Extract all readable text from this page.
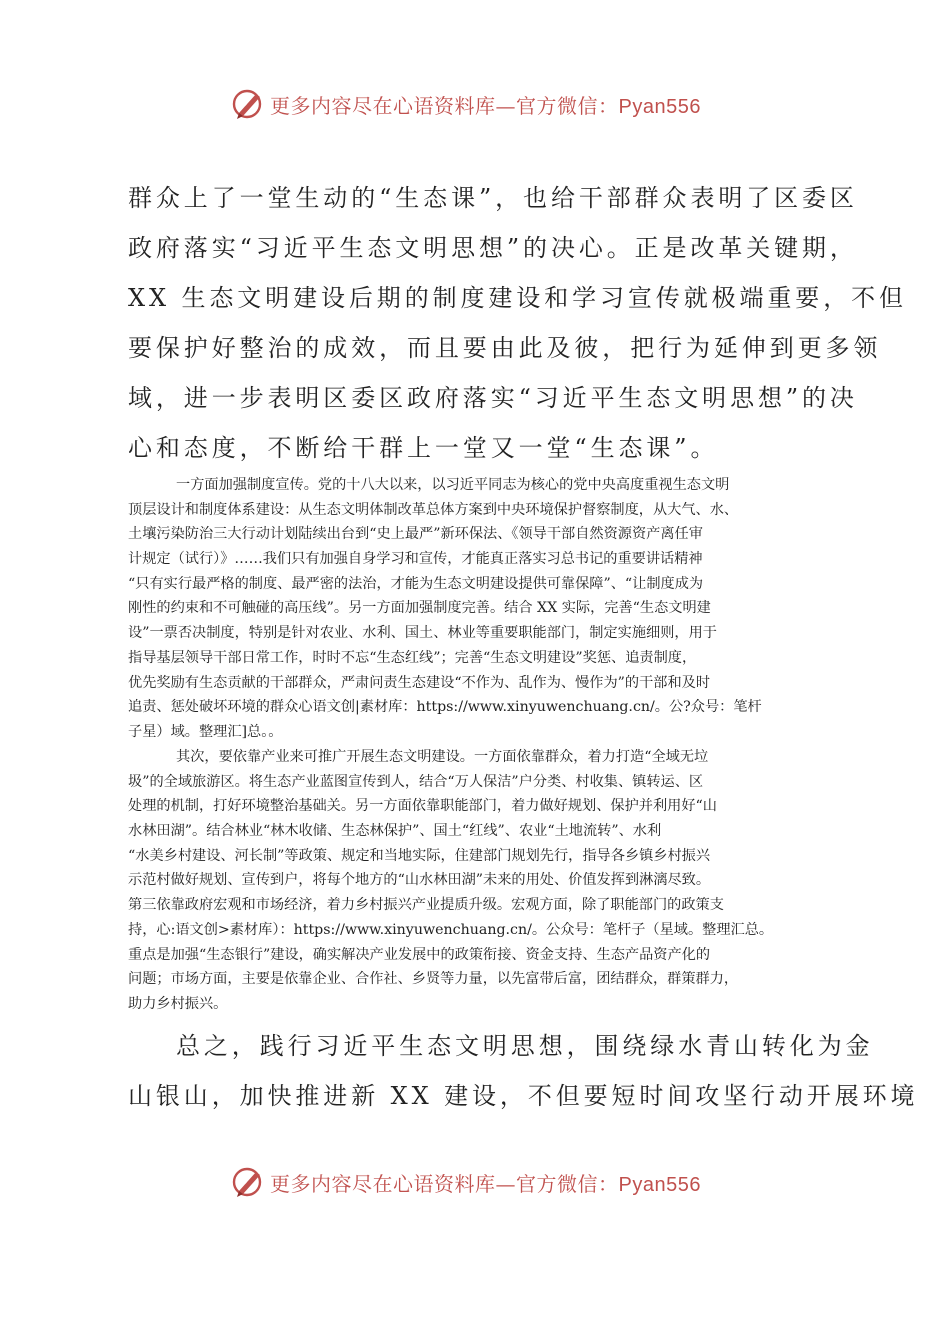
更多内容尽在心语资料库—官方微信：Pyan556
群众上了一堂生动的“生态课”，也给干部群众表明了区委区
政府落实“习近平生态文明思想”的决心。正是改革关键期，
XX 生态文明建设后期的制度建设和学习宣传就极端重要，不但
要保护好整治的成效，而且要由此及彼，把行为延伸到更多领
域，进一步表明区委区政府落实“习近平生态文明思想”的决
心和态度，不断给干群上一堂又一堂“生态课”。
一方面加强制度宣传。党的十八大以来，以习近平同志为核心的党中央高度重视生态文明
顶层设计和制度体系建设：从生态文明体制改革总体方案到中央环境保护督察制度，从大气、水、
土壤污染防治三大行动计划陆续出台到“史上最严”新环保法、《领导干部自然资源资产离任审
计规定（试行）》……我们只有加强自身学习和宣传，才能真正落实习总书记的重要讲话精神
“只有实行最严格的制度、最严密的法治，才能为生态文明建设提供可靠保障”、“让制度成为
刚性的约束和不可触碰的高压线”。另一方面加强制度完善。结合 XX 实际，完善“生态文明建
设”一票否决制度，特别是针对农业、水利、国土、林业等重要职能部门，制定实施细则，用于
指导基层领导干部日常工作，时时不忘“生态红线”；完善“生态文明建设”奖惩、追责制度，
优先奖励有生态贡献的干部群众，严肃问责生态建设“不作为、乱作为、慢作为”的干部和及时
追责、惩处破坏环境的群众心语文创|素材库：https://www.xinyuwenchuang.cn/。公?众号：笔杆
子星）域。整理汇]总。。
其次，要依靠产业来可推广开展生态文明建设。一方面依靠群众，着力打造“全域无垃
圾”的全域旅游区。将生态产业蓝图宣传到人，结合“万人保洁”户分类、村收集、镇转运、区
处理的机制，打好环境整治基础关。另一方面依靠职能部门，着力做好规划、保护并利用好“山
水林田湖”。结合林业“林木收储、生态林保护”、国土“红线”、农业“土地流转”、水利
“水美乡村建设、河长制”等政策、规定和当地实际，住建部门规划先行，指导各乡镇乡村振兴
示范村做好规划、宣传到户，将每个地方的“山水林田湖”未来的用处、价值发挥到淋漓尽致。
第三依靠政府宏观和市场经济，着力乡村振兴产业提质升级。宏观方面，除了职能部门的政策支
持，心:语文创>素材库）：https://www.xinyuwenchuang.cn/。公众号：笔杆子（星域。整理汇总。
重点是加强“生态银行”建设，确实解决产业发展中的政策衔接、资金支持、生态产品资产化的
问题；市场方面，主要是依靠企业、合作社、乡贤等力量，以先富带后富，团结群众，群策群力，
助力乡村振兴。
总之，践行习近平生态文明思想，围绕绿水青山转化为金
山银山，加快推进新 XX 建设，不但要短时间攻坚行动开展环境
更多内容尽在心语资料库—官方微信：Pyan556
